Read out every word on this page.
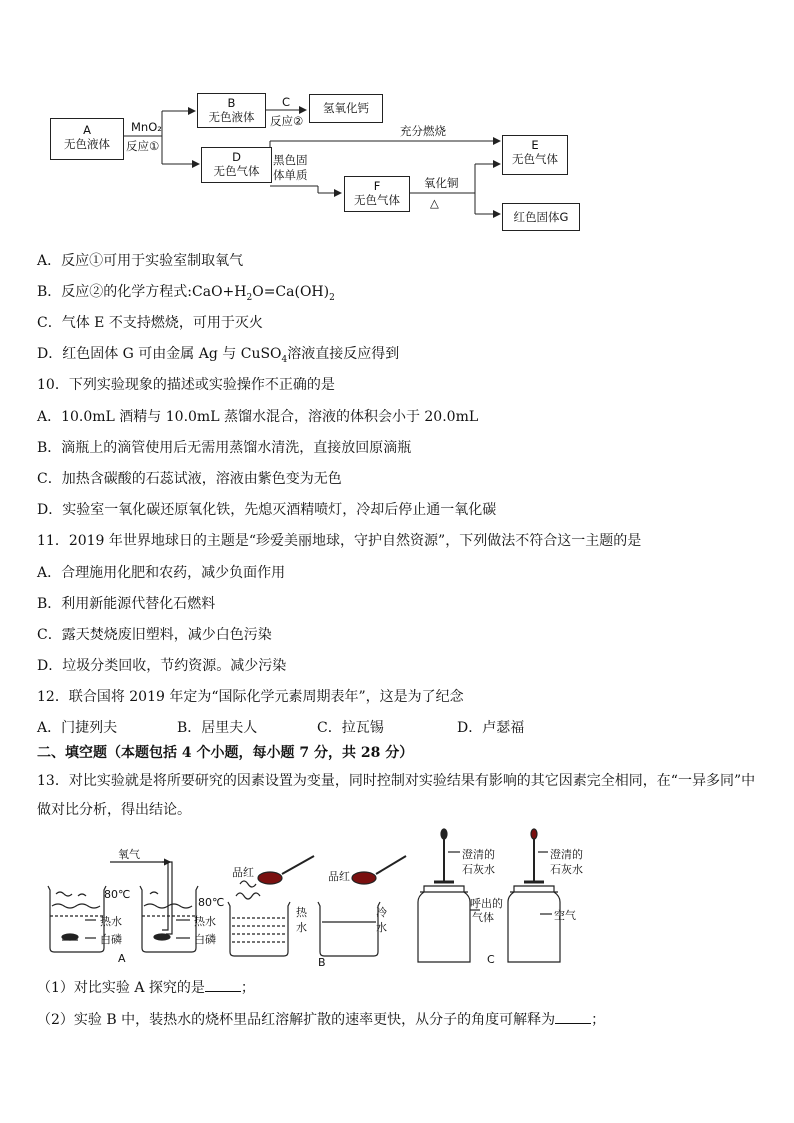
A
无色液体
MnO₂
反应①
B
无色液体
C
反应②
氢氧化钙
充分燃烧
D
无色气体
黑色固
体单质
F
无色气体
氧化铜
△
E
无色气体
红色固体G
A．反应①可用于实验室制取氧气
B．反应②的化学方程式$:CaO+H_2O=Ca(OH)_2$
C．气体 E 不支持燃烧，可用于灭火
D．红色固体 G 可由金属 Ag 与 CuSO$_4$溶液直接反应得到
10．下列实验现象的描述或实验操作不正确的是
A．10.0mL 酒精与 10.0mL 蒸馏水混合，溶液的体积会小于 20.0mL
B．滴瓶上的滴管使用后无需用蒸馏水清洗，直接放回原滴瓶
C．加热含碳酸的石蕊试液，溶液由紫色变为无色
D．实验室一氧化碳还原氧化铁，先熄灭酒精喷灯，冷却后停止通一氧化碳
11．2019 年世界地球日的主题是“珍爱美丽地球，守护自然资源”，下列做法不符合这一主题的是
A．合理施用化肥和农药，减少负面作用
B．利用新能源代替化石燃料
C．露天焚烧废旧塑料，减少白色污染
D．垃圾分类回收，节约资源。减少污染
12．联合国将 2019 年定为“国际化学元素周期表年”，这是为了纪念
A．门捷列夫	B．居里夫人	C．拉瓦锡	D．卢瑟福
二、填空题（本题包括 4 个小题，每小题 7 分，共 28 分）
13．对比实验就是将所要研究的因素设置为变量，同时控制对实验结果有影响的其它因素完全相同，在“一异多同”中
做对比分析，得出结论。
氧气
80℃
热水
白磷
80℃
热水
白磷
A
品红	品红
热
水
冷
水
B
澄清的
石灰水
澄清的
石灰水
呼出的
气体	空气
C
（1）对比实验 A 探究的是	；
（2）实验 B 中，装热水的烧杯里品红溶解扩散的速率更快，从分子的角度可解释为	；
